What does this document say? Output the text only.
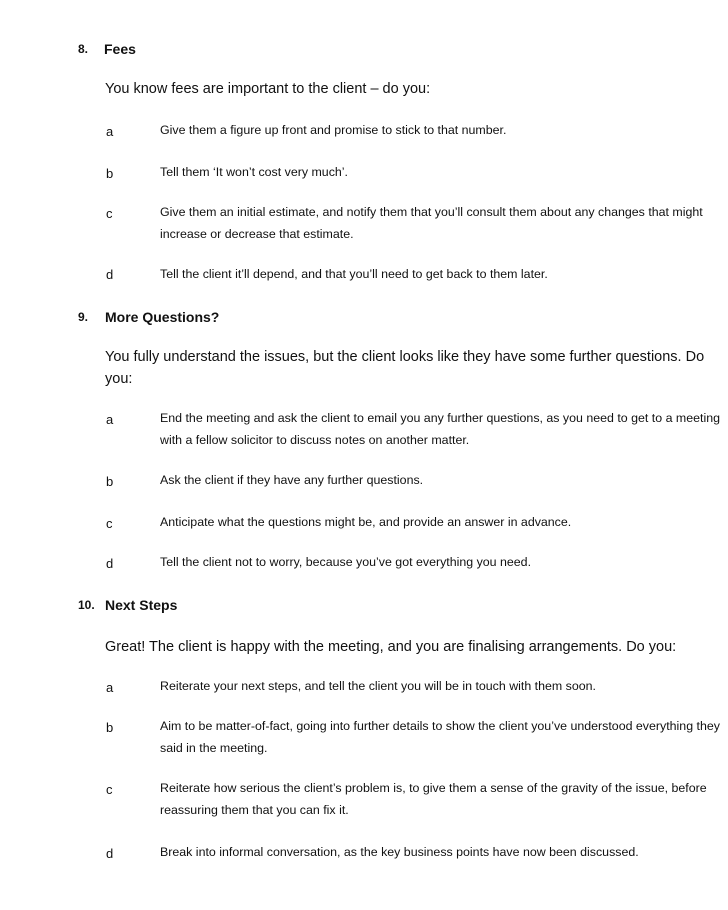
8. Fees
You know fees are important to the client – do you:
a	Give them a figure up front and promise to stick to that number.
b	Tell them ‘It won’t cost very much’.
c	Give them an initial estimate, and notify them that you’ll consult them about any changes that might increase or decrease that estimate.
d	Tell the client it’ll depend, and that you’ll need to get back to them later.
9. More Questions?
You fully understand the issues, but the client looks like they have some further questions. Do you:
a	End the meeting and ask the client to email you any further questions, as you need to get to a meeting with a fellow solicitor to discuss notes on another matter.
b	Ask the client if they have any further questions.
c	Anticipate what the questions might be, and provide an answer in advance.
d	Tell the client not to worry, because you’ve got everything you need.
10. Next Steps
Great! The client is happy with the meeting, and you are finalising arrangements. Do you:
a	Reiterate your next steps, and tell the client you will be in touch with them soon.
b	Aim to be matter-of-fact, going into further details to show the client you’ve understood everything they said in the meeting.
c	Reiterate how serious the client’s problem is, to give them a sense of the gravity of the issue, before reassuring them that you can fix it.
d	Break into informal conversation, as the key business points have now been discussed.
